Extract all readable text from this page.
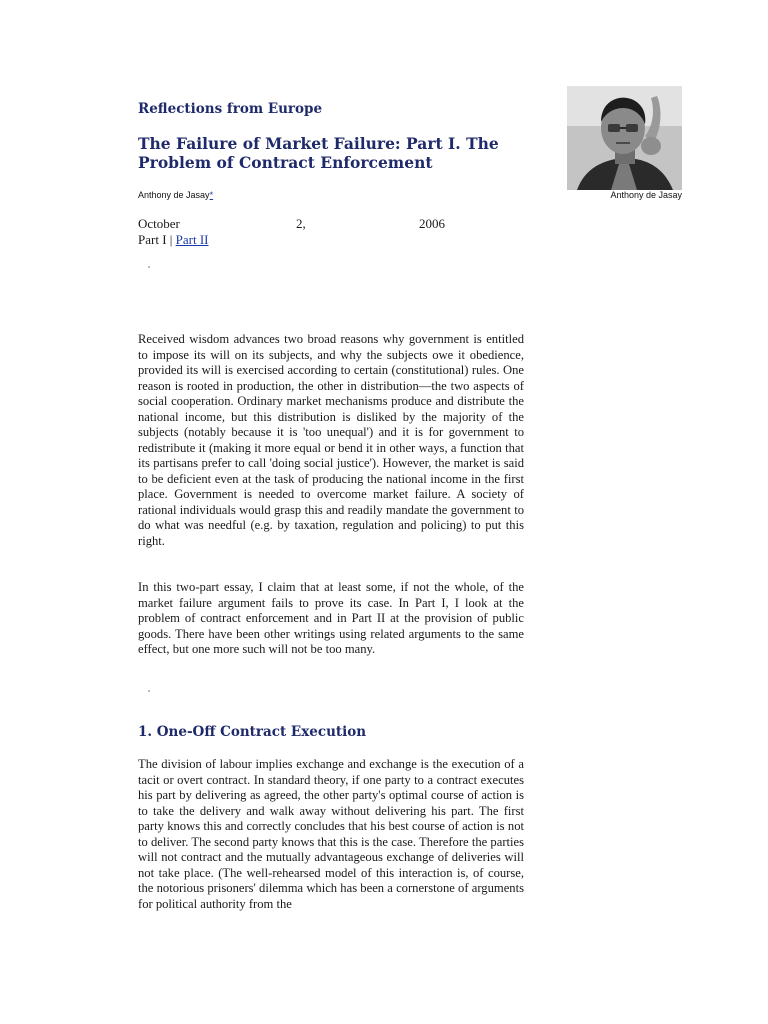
Reflections from Europe
The Failure of Market Failure: Part I. The Problem of Contract Enforcement
Anthony de Jasay*	Anthony de Jasay
October	2,	2006
Part I | Part II
Received wisdom advances two broad reasons why government is entitled to impose its will on its subjects, and why the subjects owe it obedience, provided its will is exercised according to certain (constitutional) rules. One reason is rooted in production, the other in distribution—the two aspects of social cooperation. Ordinary market mechanisms produce and distribute the national income, but this distribution is disliked by the majority of the subjects (notably because it is 'too unequal') and it is for government to redistribute it (making it more equal or bend it in other ways, a function that its partisans prefer to call 'doing social justice'). However, the market is said to be deficient even at the task of producing the national income in the first place. Government is needed to overcome market failure. A society of rational individuals would grasp this and readily mandate the government to do what was needful (e.g. by taxation, regulation and policing) to put this right.
In this two-part essay, I claim that at least some, if not the whole, of the market failure argument fails to prove its case. In Part I, I look at the problem of contract enforcement and in Part II at the provision of public goods. There have been other writings using related arguments to the same effect, but one more such will not be too many.
1. One-Off Contract Execution
The division of labour implies exchange and exchange is the execution of a tacit or overt contract. In standard theory, if one party to a contract executes his part by delivering as agreed, the other party's optimal course of action is to take the delivery and walk away without delivering his part. The first party knows this and correctly concludes that his best course of action is not to deliver. The second party knows that this is the case. Therefore the parties will not contract and the mutually advantageous exchange of deliveries will not take place. (The well-rehearsed model of this interaction is, of course, the notorious prisoners' dilemma which has been a cornerstone of arguments for political authority from the
